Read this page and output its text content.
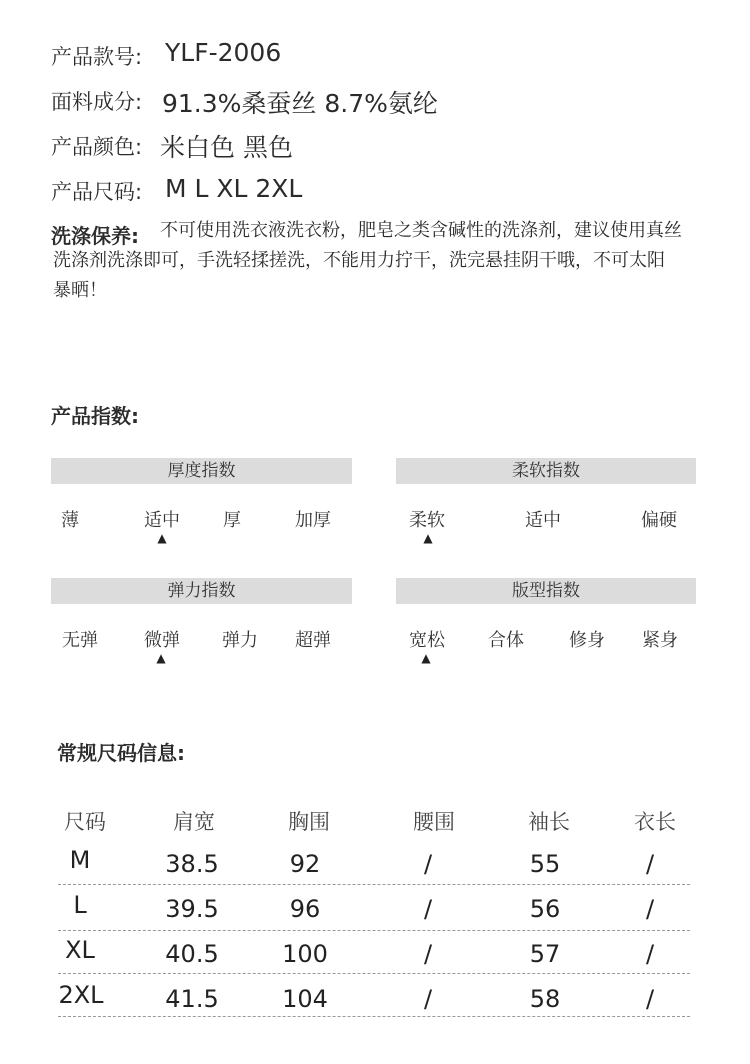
产品款号: YLF-2006
面料成分: 91.3%桑蚕丝 8.7%氨纶
产品颜色: 米白色 黑色
产品尺码: M L XL 2XL
洗涤保养: 不可使用洗衣液洗衣粉，肥皂之类含碱性的洗涤剂，建议使用真丝
洗涤剂洗涤即可，手洗轻揉搓洗，不能用力拧干，洗完悬挂阴干哦，不可太阳
暴晒！
产品指数:
厚度指数
薄	适中 厚	加厚
▲
柔软指数
柔软	适中	偏硬
▲
弹力指数
无弹	微弹 弹力 超弹
▲
版型指数
宽松 合体	修身 紧身
▲
常规尺码信息:
尺码	肩宽	胸围	腰围	袖长	衣长
M	38.5	92	/	55	/
L	39.5	96	/	56	/
XL	40.5	100	/	57	/
2XL	41.5	104	/	58	/
